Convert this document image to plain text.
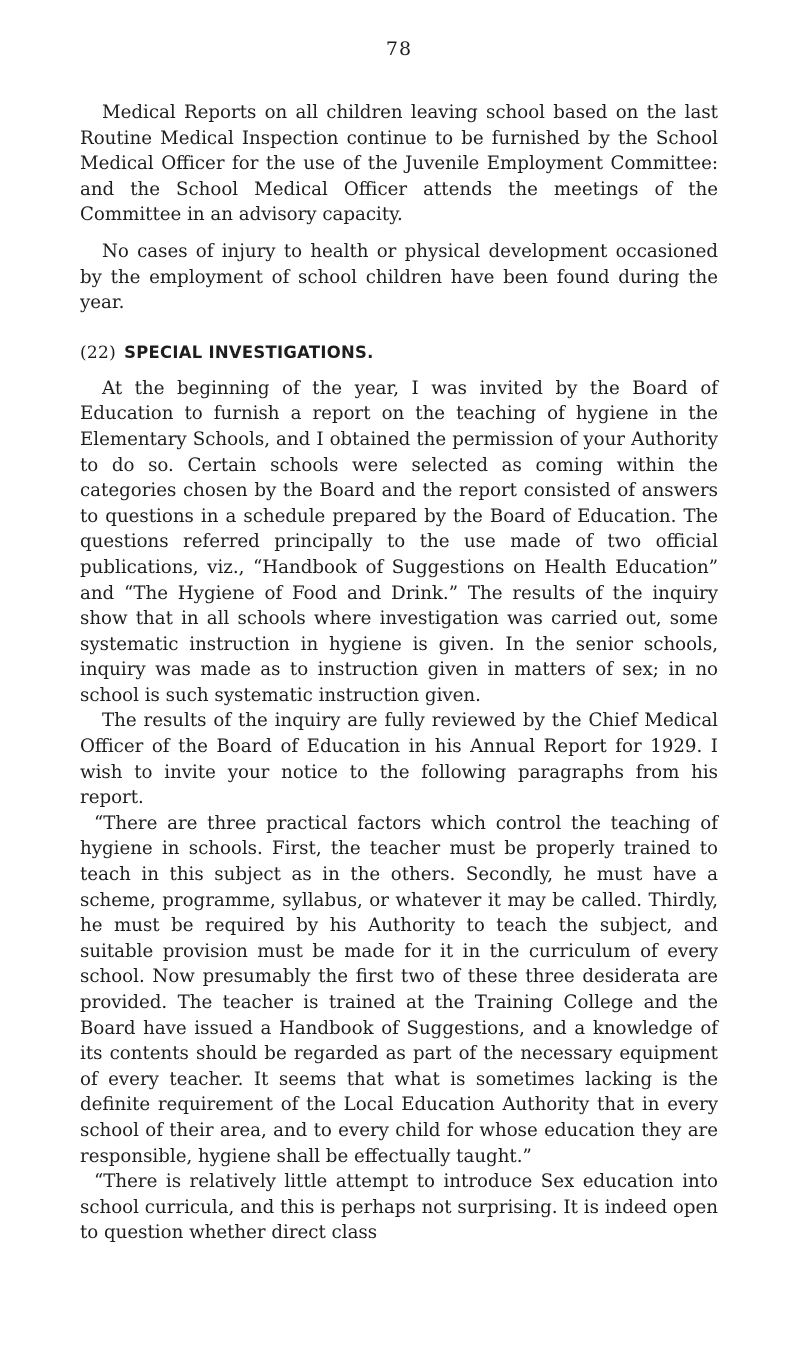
78

Medical Reports on all children leaving school based on the last Routine Medical Inspection continue to be furnished by the School Medical Officer for the use of the Juvenile Employment Committee: and the School Medical Officer attends the meetings of the Committee in an advisory capacity.

No cases of injury to health or physical development occasioned by the employment of school children have been found during the year.

(22) SPECIAL INVESTIGATIONS.

At the beginning of the year, I was invited by the Board of Education to furnish a report on the teaching of hygiene in the Elementary Schools, and I obtained the permission of your Authority to do so. Certain schools were selected as coming within the categories chosen by the Board and the report consisted of answers to questions in a schedule prepared by the Board of Education. The questions referred principally to the use made of two official publications, viz., “Handbook of Suggestions on Health Education” and “The Hygiene of Food and Drink.” The results of the inquiry show that in all schools where investigation was carried out, some systematic instruction in hygiene is given. In the senior schools, inquiry was made as to instruction given in matters of sex; in no school is such systematic instruction given.

The results of the inquiry are fully reviewed by the Chief Medical Officer of the Board of Education in his Annual Report for 1929. I wish to invite your notice to the following paragraphs from his report.

“There are three practical factors which control the teaching of hygiene in schools. First, the teacher must be properly trained to teach in this subject as in the others. Secondly, he must have a scheme, programme, syllabus, or whatever it may be called. Thirdly, he must be required by his Authority to teach the subject, and suitable provision must be made for it in the curriculum of every school. Now presumably the first two of these three desiderata are provided. The teacher is trained at the Training College and the Board have issued a Handbook of Suggestions, and a knowledge of its contents should be regarded as part of the necessary equipment of every teacher. It seems that what is sometimes lacking is the definite requirement of the Local Education Authority that in every school of their area, and to every child for whose education they are responsible, hygiene shall be effectually taught.”

“There is relatively little attempt to introduce Sex education into school curricula, and this is perhaps not surprising. It is indeed open to question whether direct class
